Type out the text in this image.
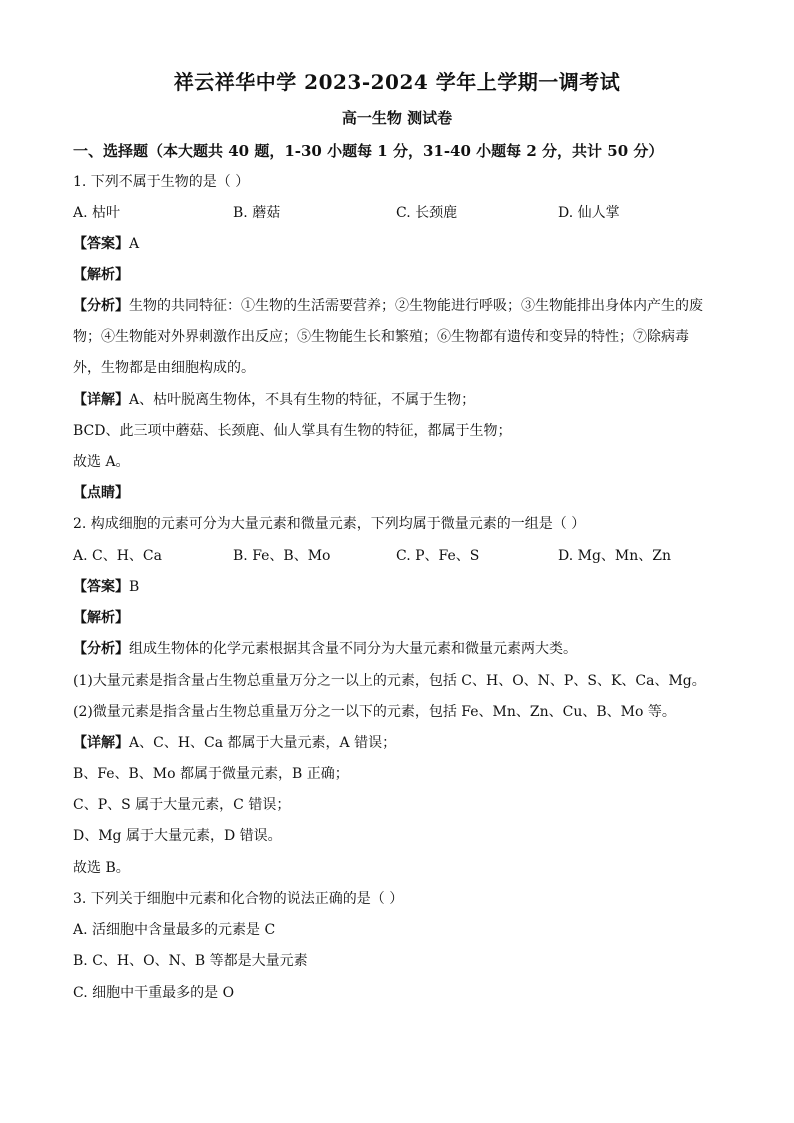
祥云祥华中学 2023-2024 学年上学期一调考试
高一生物 测试卷
一、选择题（本大题共 40 题，1-30 小题每 1 分，31-40 小题每 2 分，共计 50 分）
1. 下列不属于生物的是（ ）
A. 枯叶	B. 蘑菇	C. 长颈鹿	D. 仙人掌
【答案】A
【解析】
【分析】生物的共同特征：①生物的生活需要营养；②生物能进行呼吸；③生物能排出身体内产生的废
物；④生物能对外界刺激作出反应；⑤生物能生长和繁殖；⑥生物都有遗传和变异的特性；⑦除病毒
外，生物都是由细胞构成的。
【详解】A、枯叶脱离生物体，不具有生物的特征，不属于生物；
BCD、此三项中蘑菇、长颈鹿、仙人掌具有生物的特征，都属于生物；
故选 A。
【点睛】
2. 构成细胞的元素可分为大量元素和微量元素，下列均属于微量元素的一组是（ ）
A. C、H、Ca	B. Fe、B、Mo	C. P、Fe、S	D. Mg、Mn、Zn
【答案】B
【解析】
【分析】组成生物体的化学元素根据其含量不同分为大量元素和微量元素两大类。
(1)大量元素是指含量占生物总重量万分之一以上的元素，包括 C、H、O、N、P、S、K、Ca、Mg。
(2)微量元素是指含量占生物总重量万分之一以下的元素，包括 Fe、Mn、Zn、Cu、B、Mo 等。
【详解】A、C、H、Ca 都属于大量元素，A 错误；
B、Fe、B、Mo 都属于微量元素，B 正确；
C、P、S 属于大量元素，C 错误；
D、Mg 属于大量元素，D 错误。
故选 B。
3. 下列关于细胞中元素和化合物的说法正确的是（ ）
A. 活细胞中含量最多的元素是 C
B. C、H、O、N、B 等都是大量元素
C. 细胞中干重最多的是 O
